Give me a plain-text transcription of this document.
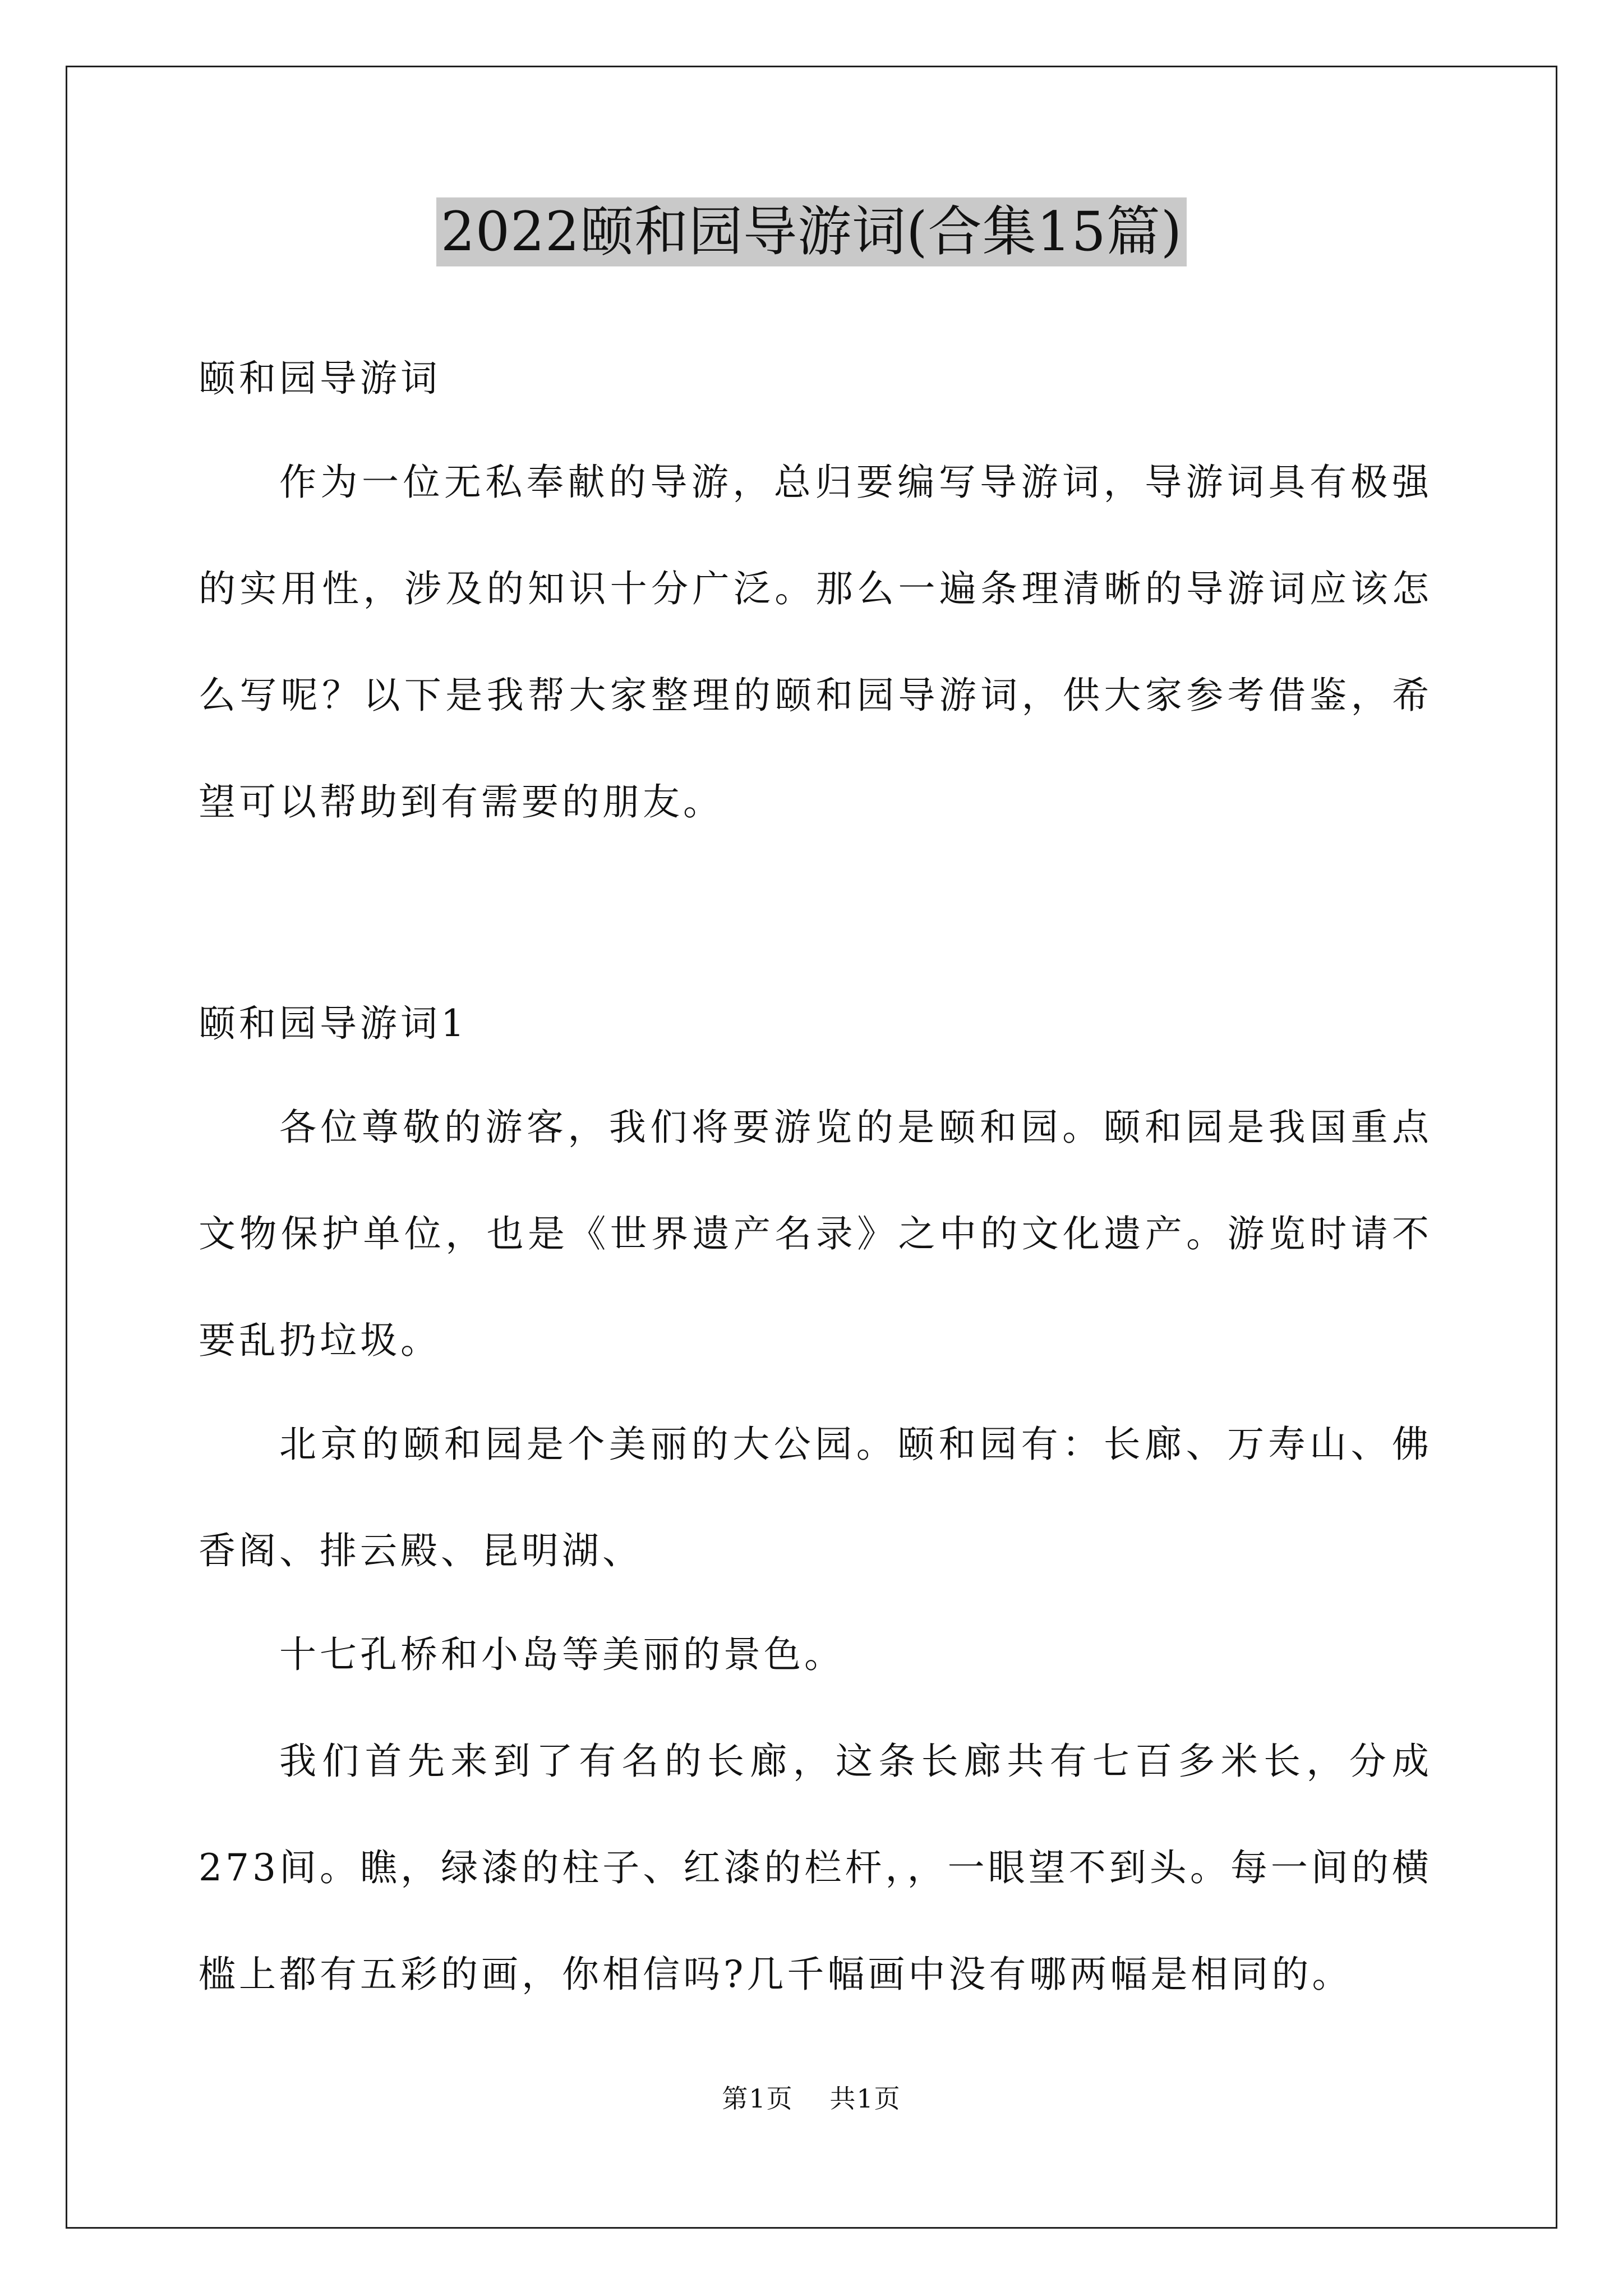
2022颐和园导游词(合集15篇)
颐和园导游词
作为一位无私奉献的导游，总归要编写导游词，导游词具有极强的实用性，涉及的知识十分广泛。那么一遍条理清晰的导游词应该怎么写呢？以下是我帮大家整理的颐和园导游词，供大家参考借鉴，希望可以帮助到有需要的朋友。
颐和园导游词1
各位尊敬的游客，我们将要游览的是颐和园。颐和园是我国重点文物保护单位，也是《世界遗产名录》之中的文化遗产。游览时请不要乱扔垃圾。
北京的颐和园是个美丽的大公园。颐和园有：长廊、万寿山、佛香阁、排云殿、昆明湖、
十七孔桥和小岛等美丽的景色。
我们首先来到了有名的长廊，这条长廊共有七百多米长，分成273间。瞧，绿漆的柱子、红漆的栏杆，，一眼望不到头。每一间的横槛上都有五彩的画，你相信吗?几千幅画中没有哪两幅是相同的。
第1页 共1页
